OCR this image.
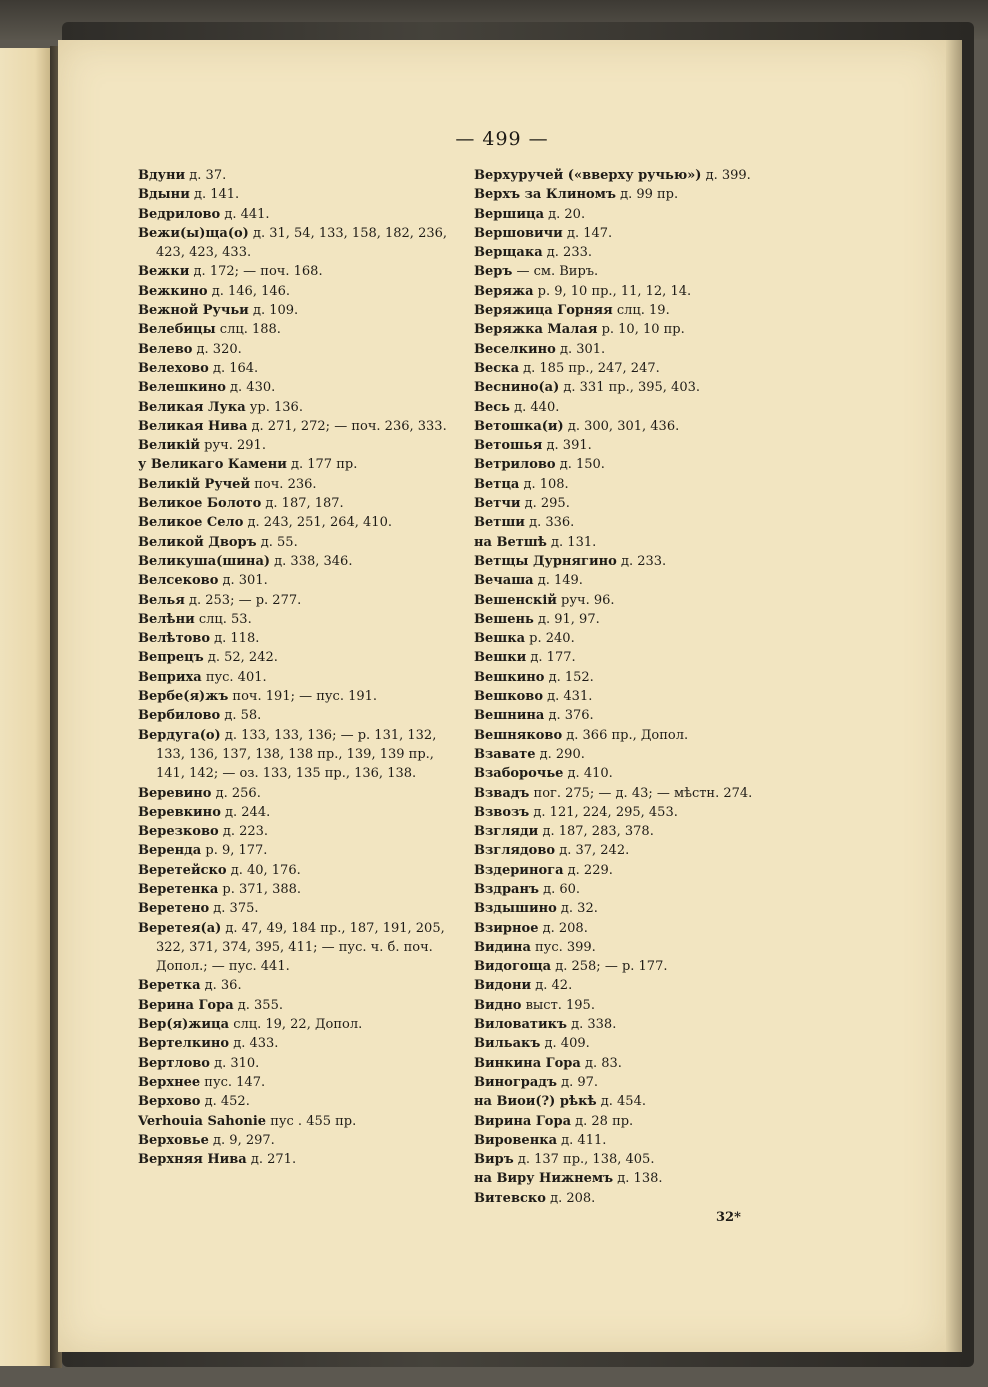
— 499 —

Вдуни д. 37.

Вдыни д. 141.

Ведрилово д. 441.

Вежи(ы)ща(о) д. 31, 54, 133, 158, 182, 236, 423, 423, 433.

Вежки д. 172; — поч. 168.

Вежкино д. 146, 146.

Вежной Ручьи д. 109.

Велебицы слц. 188.

Велево д. 320.

Велехово д. 164.

Велешкино д. 430.

Великая Лука ур. 136.

Великая Нива д. 271, 272; — поч. 236, 333.

Великій руч. 291.

у Великаго Камени д. 177 пр.

Великій Ручей поч. 236.

Великое Болото д. 187, 187.

Великое Село д. 243, 251, 264, 410.

Великой Дворъ д. 55.

Великуша(шина) д. 338, 346.

Велсеково д. 301.

Велья д. 253; — р. 277.

Велѣни слц. 53.

Велѣтово д. 118.

Вепрецъ д. 52, 242.

Веприха пус. 401.

Вербе(я)жъ поч. 191; — пус. 191.

Вербилово д. 58.

Вердуга(о) д. 133, 133, 136; — р. 131, 132, 133, 136, 137, 138, 138 пр., 139, 139 пр., 141, 142; — оз. 133, 135 пр., 136, 138.

Веревино д. 256.

Веревкино д. 244.

Верезково д. 223.

Веренда р. 9, 177.

Веретейско д. 40, 176.

Веретенка р. 371, 388.

Веретено д. 375.

Веретея(а) д. 47, 49, 184 пр., 187, 191, 205, 322, 371, 374, 395, 411; — пус. ч. б. поч. Допол.; — пус. 441.

Веретка д. 36.

Верина Гора д. 355.

Вер(я)жица слц. 19, 22, Допол.

Вертелкино д. 433.

Вертлово д. 310.

Верхнее пус. 147.

Верхово д. 452.

Verhouia Sahonie пус . 455 пр.

Верховье д. 9, 297.

Верхняя Нива д. 271.

Верхуручей («вверху ручью») д. 399.

Верхъ за Клиномъ д. 99 пр.

Вершица д. 20.

Вершовичи д. 147.

Верщака д. 233.

Веръ — см. Виръ.

Веряжа р. 9, 10 пр., 11, 12, 14.

Веряжица Горняя слц. 19.

Веряжка Малая р. 10, 10 пр.

Веселкино д. 301.

Веска д. 185 пр., 247, 247.

Веснино(а) д. 331 пр., 395, 403.

Весь д. 440.

Ветошка(и) д. 300, 301, 436.

Ветошья д. 391.

Ветрилово д. 150.

Ветца д. 108.

Ветчи д. 295.

Ветши д. 336.

на Ветшѣ д. 131.

Ветщы Дурнягино д. 233.

Вечаша д. 149.

Вешенскій руч. 96.

Вешень д. 91, 97.

Вешка р. 240.

Вешки д. 177.

Вешкино д. 152.

Вешково д. 431.

Вешнина д. 376.

Вешняково д. 366 пр., Допол.

Взавате д. 290.

Взаборочье д. 410.

Взвадъ пог. 275; — д. 43; — мѣстн. 274.

Взвозъ д. 121, 224, 295, 453.

Взгляди д. 187, 283, 378.

Взглядово д. 37, 242.

Вздериногa д. 229.

Вздранъ д. 60.

Вздышино д. 32.

Взирное д. 208.

Видина пус. 399.

Видогоща д. 258; — р. 177.

Видони д. 42.

Видно выст. 195.

Виловатикъ д. 338.

Вильакъ д. 409.

Винкина Гора д. 83.

Виноградъ д. 97.

на Виои(?) рѣкѣ д. 454.

Вирина Гора д. 28 пр.

Вировенка д. 411.

Виръ д. 137 пр., 138, 405.

на Виру Нижнемъ д. 138.

Витевско д. 208.

32*
